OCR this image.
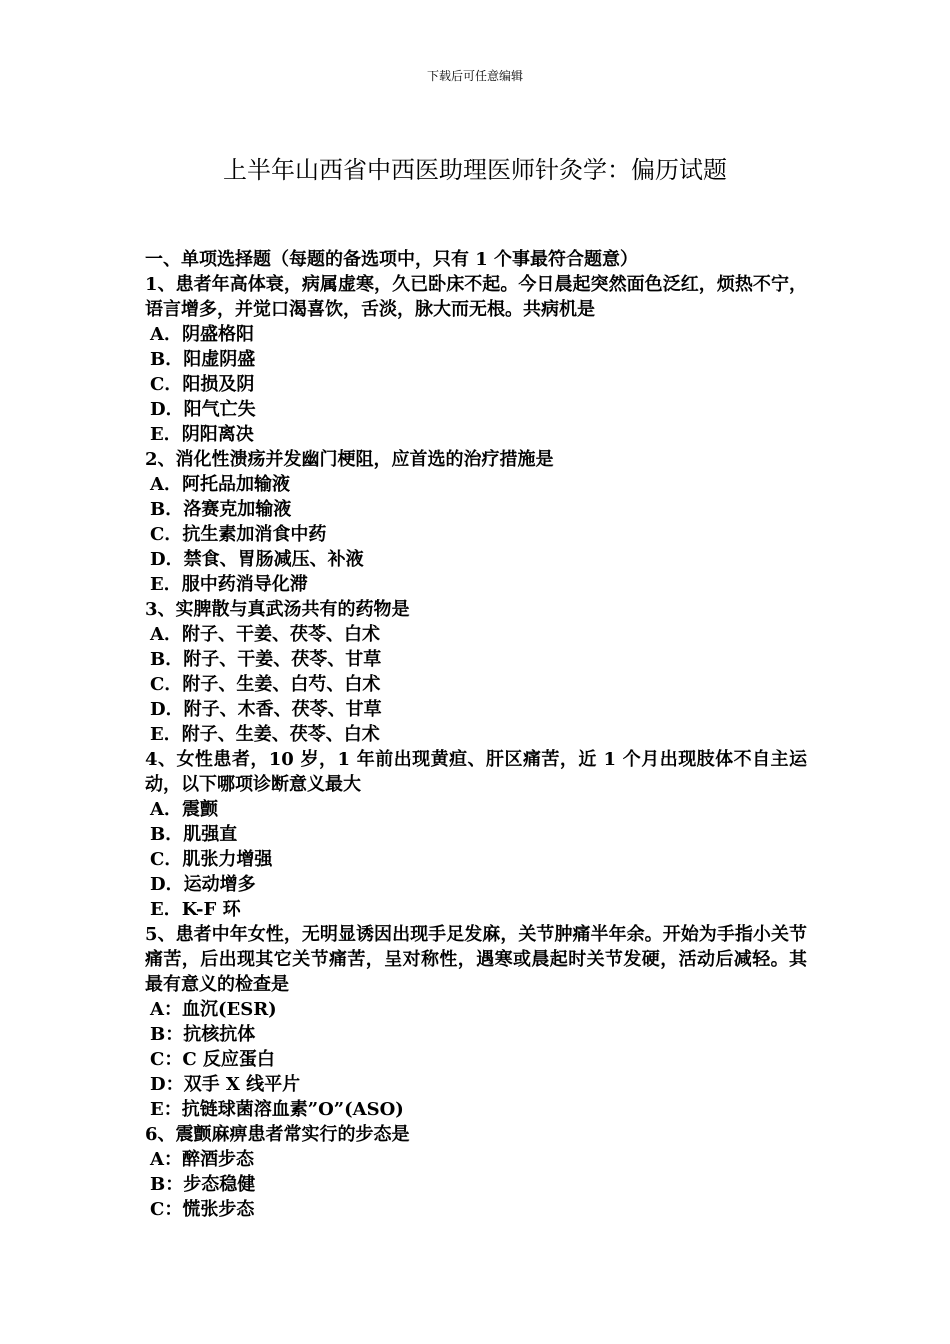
下载后可任意编辑
上半年山西省中西医助理医师针灸学：偏历试题
一、单项选择题（每题的备选项中，只有 1 个事最符合题意）
1、患者年高体衰，病属虚寒，久已卧床不起。今日晨起突然面色泛红，烦热不宁，语言增多，并觉口渴喜饮，舌淡，脉大而无根。共病机是
A．阴盛格阳
B．阳虚阴盛
C．阳损及阴
D．阳气亡失
E．阴阳离决
2、消化性溃疡并发幽门梗阻，应首选的治疗措施是
A．阿托品加输液
B．洛赛克加输液
C．抗生素加消食中药
D．禁食、胃肠减压、补液
E．服中药消导化滞
3、实脾散与真武汤共有的药物是
A．附子、干姜、茯苓、白术
B．附子、干姜、茯苓、甘草
C．附子、生姜、白芍、白术
D．附子、木香、茯苓、甘草
E．附子、生姜、茯苓、白术
4、女性患者，10 岁，1 年前出现黄疸、肝区痛苦，近 1 个月出现肢体不自主运动，以下哪项诊断意义最大
A．震颤
B．肌强直
C．肌张力增强
D．运动增多
E．K-F 环
5、患者中年女性，无明显诱因出现手足发麻，关节肿痛半年余。开始为手指小关节痛苦，后出现其它关节痛苦，呈对称性，遇寒或晨起时关节发硬，活动后减轻。其最有意义的检查是
A：血沉(ESR)
B：抗核抗体
C：C 反应蛋白
D：双手 X 线平片
E：抗链球菌溶血素”O”(ASO)
6、震颤麻痹患者常实行的步态是
A：醉酒步态
B：步态稳健
C：慌张步态
